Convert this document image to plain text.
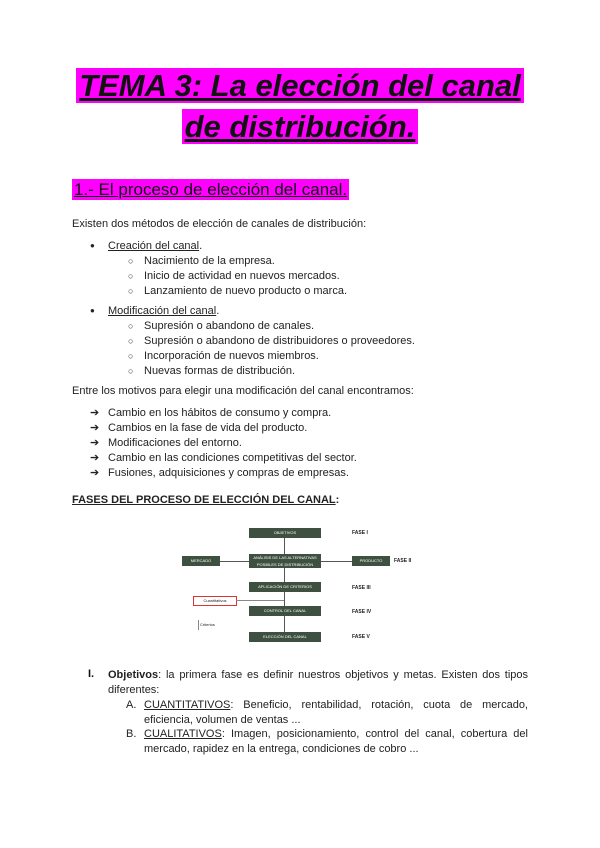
TEMA 3: La elección del canal
de distribución.
1.- El proceso de elección del canal.
Existen dos métodos de elección de canales de distribución:
● Creación del canal.
○ Nacimiento de la empresa.
○ Inicio de actividad en nuevos mercados.
○ Lanzamiento de nuevo producto o marca.
● Modificación del canal.
○ Supresión o abandono de canales.
○ Supresión o abandono de distribuidores o proveedores.
○ Incorporación de nuevos miembros.
○ Nuevas formas de distribución.
Entre los motivos para elegir una modificación del canal encontramos:
➔ Cambio en los hábitos de consumo y compra.
➔ Cambios en la fase de vida del producto.
➔ Modificaciones del entorno.
➔ Cambio en las condiciones competitivas del sector.
➔ Fusiones, adquisiciones y compras de empresas.
FASES DEL PROCESO DE ELECCIÓN DEL CANAL:
OBJETIVOS
ANÁLISIS DE LAS ALTERNATIVAS POSIBLES DE DISTRIBUCIÓN
APLICACIÓN DE CRITERIOS
CONTROL DEL CANAL
ELECCIÓN DEL CANAL
MERCADO	PRODUCTO
Cuantitativos
Criterios
FASE I
FASE II
FASE III
FASE IV
FASE V
I. Objetivos: la primera fase es definir nuestros objetivos y metas. Existen dos tipos diferentes:
A. CUANTITATIVOS: Beneficio, rentabilidad, rotación, cuota de mercado, eficiencia, volumen de ventas ...
B. CUALITATIVOS: Imagen, posicionamiento, control del canal, cobertura del mercado, rapidez en la entrega, condiciones de cobro ...
